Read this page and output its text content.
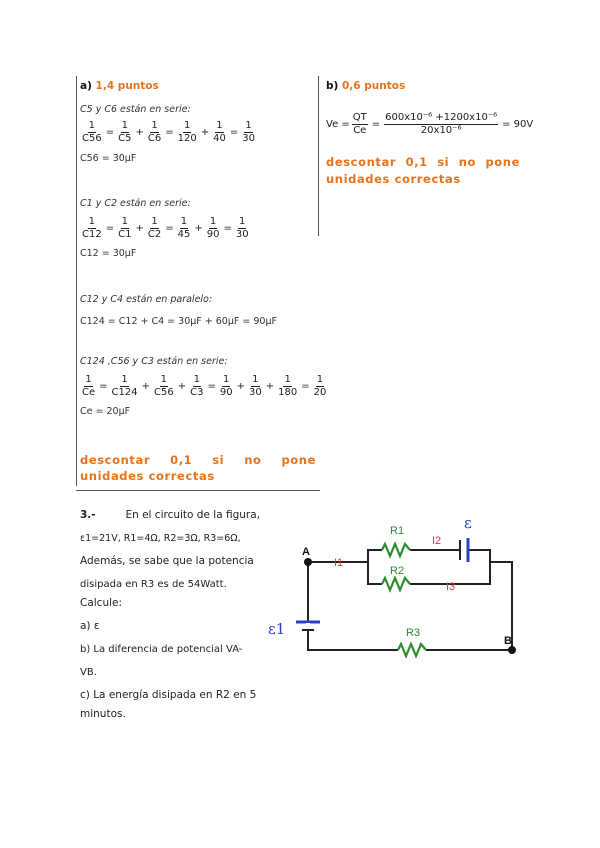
a) 1,4 puntos
C5 y C6 están en serie:
$\frac{1}{C56} = \frac{1}{C5} + \frac{1}{C6} = \frac{1}{120} + \frac{1}{40} = \frac{1}{30}$
C56 = 30μF
C1 y C2 están en serie:
$\frac{1}{C12} = \frac{1}{C1} + \frac{1}{C2} = \frac{1}{45} + \frac{1}{90} = \frac{1}{30}$
C12 = 30μF
C12 y C4 están en paralelo:
C124 = C12 + C4 = 30μF + 60μF = 90μF
C124 ,C56 y C3 están en serie:
$\frac{1}{Ce} = \frac{1}{C124} + \frac{1}{C56} + \frac{1}{C3} = \frac{1}{90} + \frac{1}{30} + \frac{1}{180} = \frac{1}{20}$
Ce = 20μF
descontar 0,1 si no pone unidades correctas
b) 0,6 puntos
$Ve = \frac{QT}{Ce} = \frac{\text{600x10⁻⁶ +1200x10⁻⁶}}{\text{20x10⁻⁶}} = 90V$
descontar 0,1 si no pone unidades correctas
3.-	En el circuito de la figura,
ε1=21V, R1=4Ω, R2=3Ω, R3=6Ω,
Además, se sabe que la potencia
disipada en R3 es de 54Watt.
Calcule:
a) ε
b) La diferencia de potencial VA- VB.
c) La energía disipada en R2 en 5
minutos.
R1
R2
R3
ε
ε1
I1
I2
I3
A
B
